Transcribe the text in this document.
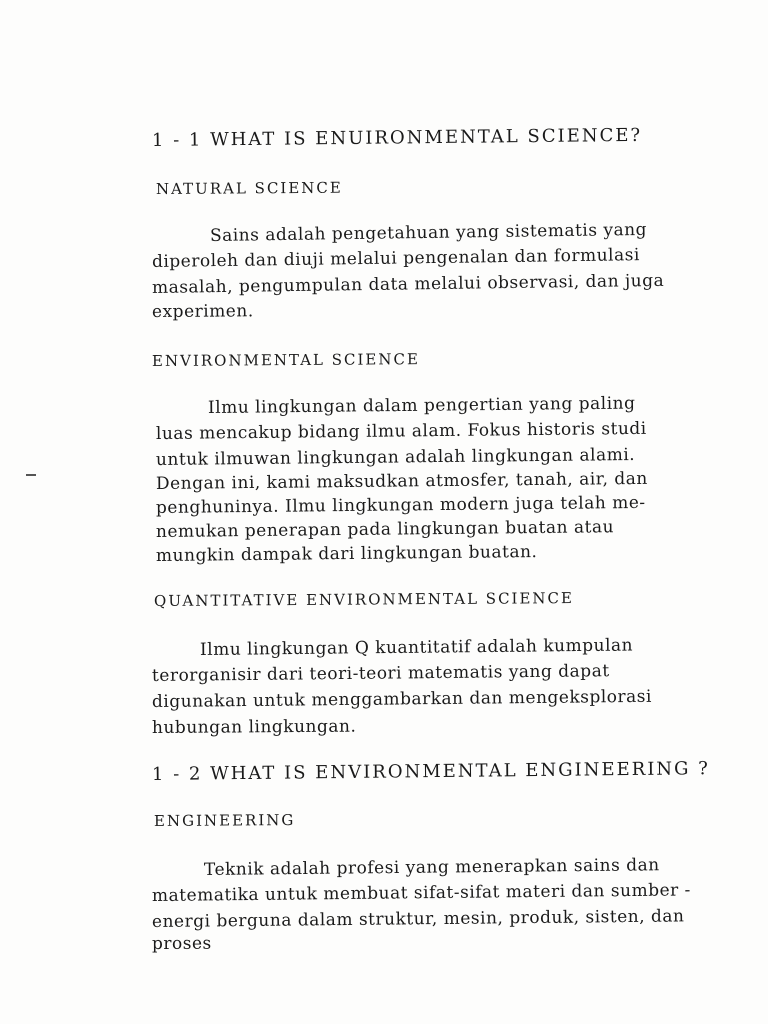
1 - 1 WHAT IS ENUIRONMENTAL SCIENCE?
NATURAL SCIENCE
Sains adalah pengetahuan yang sistematis yang
diperoleh dan diuji melalui pengenalan dan formulasi
masalah, pengumpulan data melalui observasi, dan juga
experimen.
ENVIRONMENTAL SCIENCE
Ilmu lingkungan dalam pengertian yang paling
luas mencakup bidang ilmu alam. Fokus historis studi
untuk ilmuwan lingkungan adalah lingkungan alami.
Dengan ini, kami maksudkan atmosfer, tanah, air, dan
penghuninya. Ilmu lingkungan modern juga telah me-
nemukan penerapan pada lingkungan buatan atau
mungkin dampak dari lingkungan buatan.
QUANTITATIVE ENVIRONMENTAL SCIENCE
Ilmu lingkungan Q kuantitatif adalah kumpulan
terorganisir dari teori-teori matematis yang dapat
digunakan untuk menggambarkan dan mengeksplorasi
hubungan lingkungan.
1 - 2 WHAT IS ENVIRONMENTAL ENGINEERING ?
ENGINEERING
Teknik adalah profesi yang menerapkan sains dan
matematika untuk membuat sifat-sifat materi dan sumber -
energi berguna dalam struktur, mesin, produk, sisten, dan
proses
